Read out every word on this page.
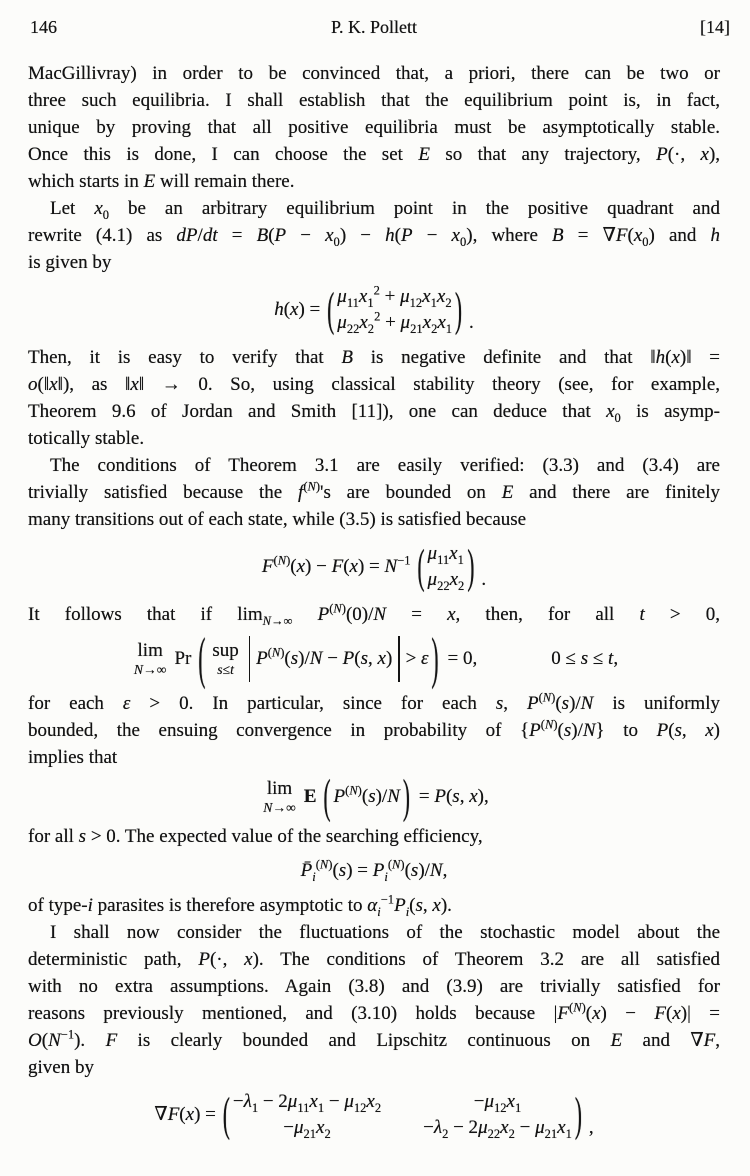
146	P. K. Pollett	[14]
MacGillivray) in order to be convinced that, a priori, there can be two or
three such equilibria. I shall establish that the equilibrium point is, in fact,
unique by proving that all positive equilibria must be asymptotically stable.
Once this is done, I can choose the set E so that any trajectory, P(·, x),
which starts in E will remain there.
Let $x_0$ be an arbitrary equilibrium point in the positive quadrant and
rewrite (4.1) as $dP/dt = B(P - x_0) - h(P - x_0)$, where $B = \nabla F(x_0)$ and h
is given by
h(x) = ( $\mu_{11}x_1^2 + \mu_{12}x_1x_2$
$\mu_{22}x_2^2 + \mu_{21}x_2x_1$ ) .
Then, it is easy to verify that B is negative definite and that ‖h(x)‖ =
o(‖x‖), as ‖x‖ → 0. So, using classical stability theory (see, for example,
Theorem 9.6 of Jordan and Smith [11]), one can deduce that $x_0$ is asymp-
totically stable.
The conditions of Theorem 3.1 are easily verified: (3.3) and (3.4) are
trivially satisfied because the $f^{(N)}'s$ are bounded on E and there are finitely
many transitions out of each state, while (3.5) is satisfied because
$F^{(N)}(x) - F(x) = N^{-1}$ ( $\mu_{11}x_1$
$\mu_{22}x_2$ ) .
It follows that if $\lim_{N\to\infty} P^{(N)}(0)/N = x$, then, for all t > 0,
lim
N→∞
Pr ( sup
s≤t
$P^{(N)}(s)/N - P(s$, x) > ε ) = 0,	0 ≤ s ≤ t,
for each ε > 0. In particular, since for each s, $P^{(N)}(s)/N$ is uniformly
bounded, the ensuing convergence in probability of $\{P^{(N)}(s)/N\}$ to P(s, x)
implies that
lim
N→∞
E ( $P^{(N)}(s)/N$ ) = P(s, x),
for all s > 0. The expected value of the searching efficiency,
$P̄_i^{(N)}(s) = P_i^{(N)}(s)/N$,
of type-i parasites is therefore asymptotic to $\alpha_i^{-1}P_i(s$, x).
I shall now consider the fluctuations of the stochastic model about the
deterministic path, P(·, x). The conditions of Theorem 3.2 are all satisfied
with no extra assumptions. Again (3.8) and (3.9) are trivially satisfied for
reasons previously mentioned, and (3.10) holds because $|F^{(N)}(x) - F(x)|$ =
$O(N^{-1})$. F is clearly bounded and Lipschitz continuous on E and ∇F,
given by
∇F(x) = ( $-\lambda_1 - 2\mu_{11}x_1 - \mu_{12}x_2$	$-\mu_{12}x_1$
$-\mu_{21}x_2$	$-\lambda_2 - 2\mu_{22}x_2 - \mu_{21}x_1$ ) ,
